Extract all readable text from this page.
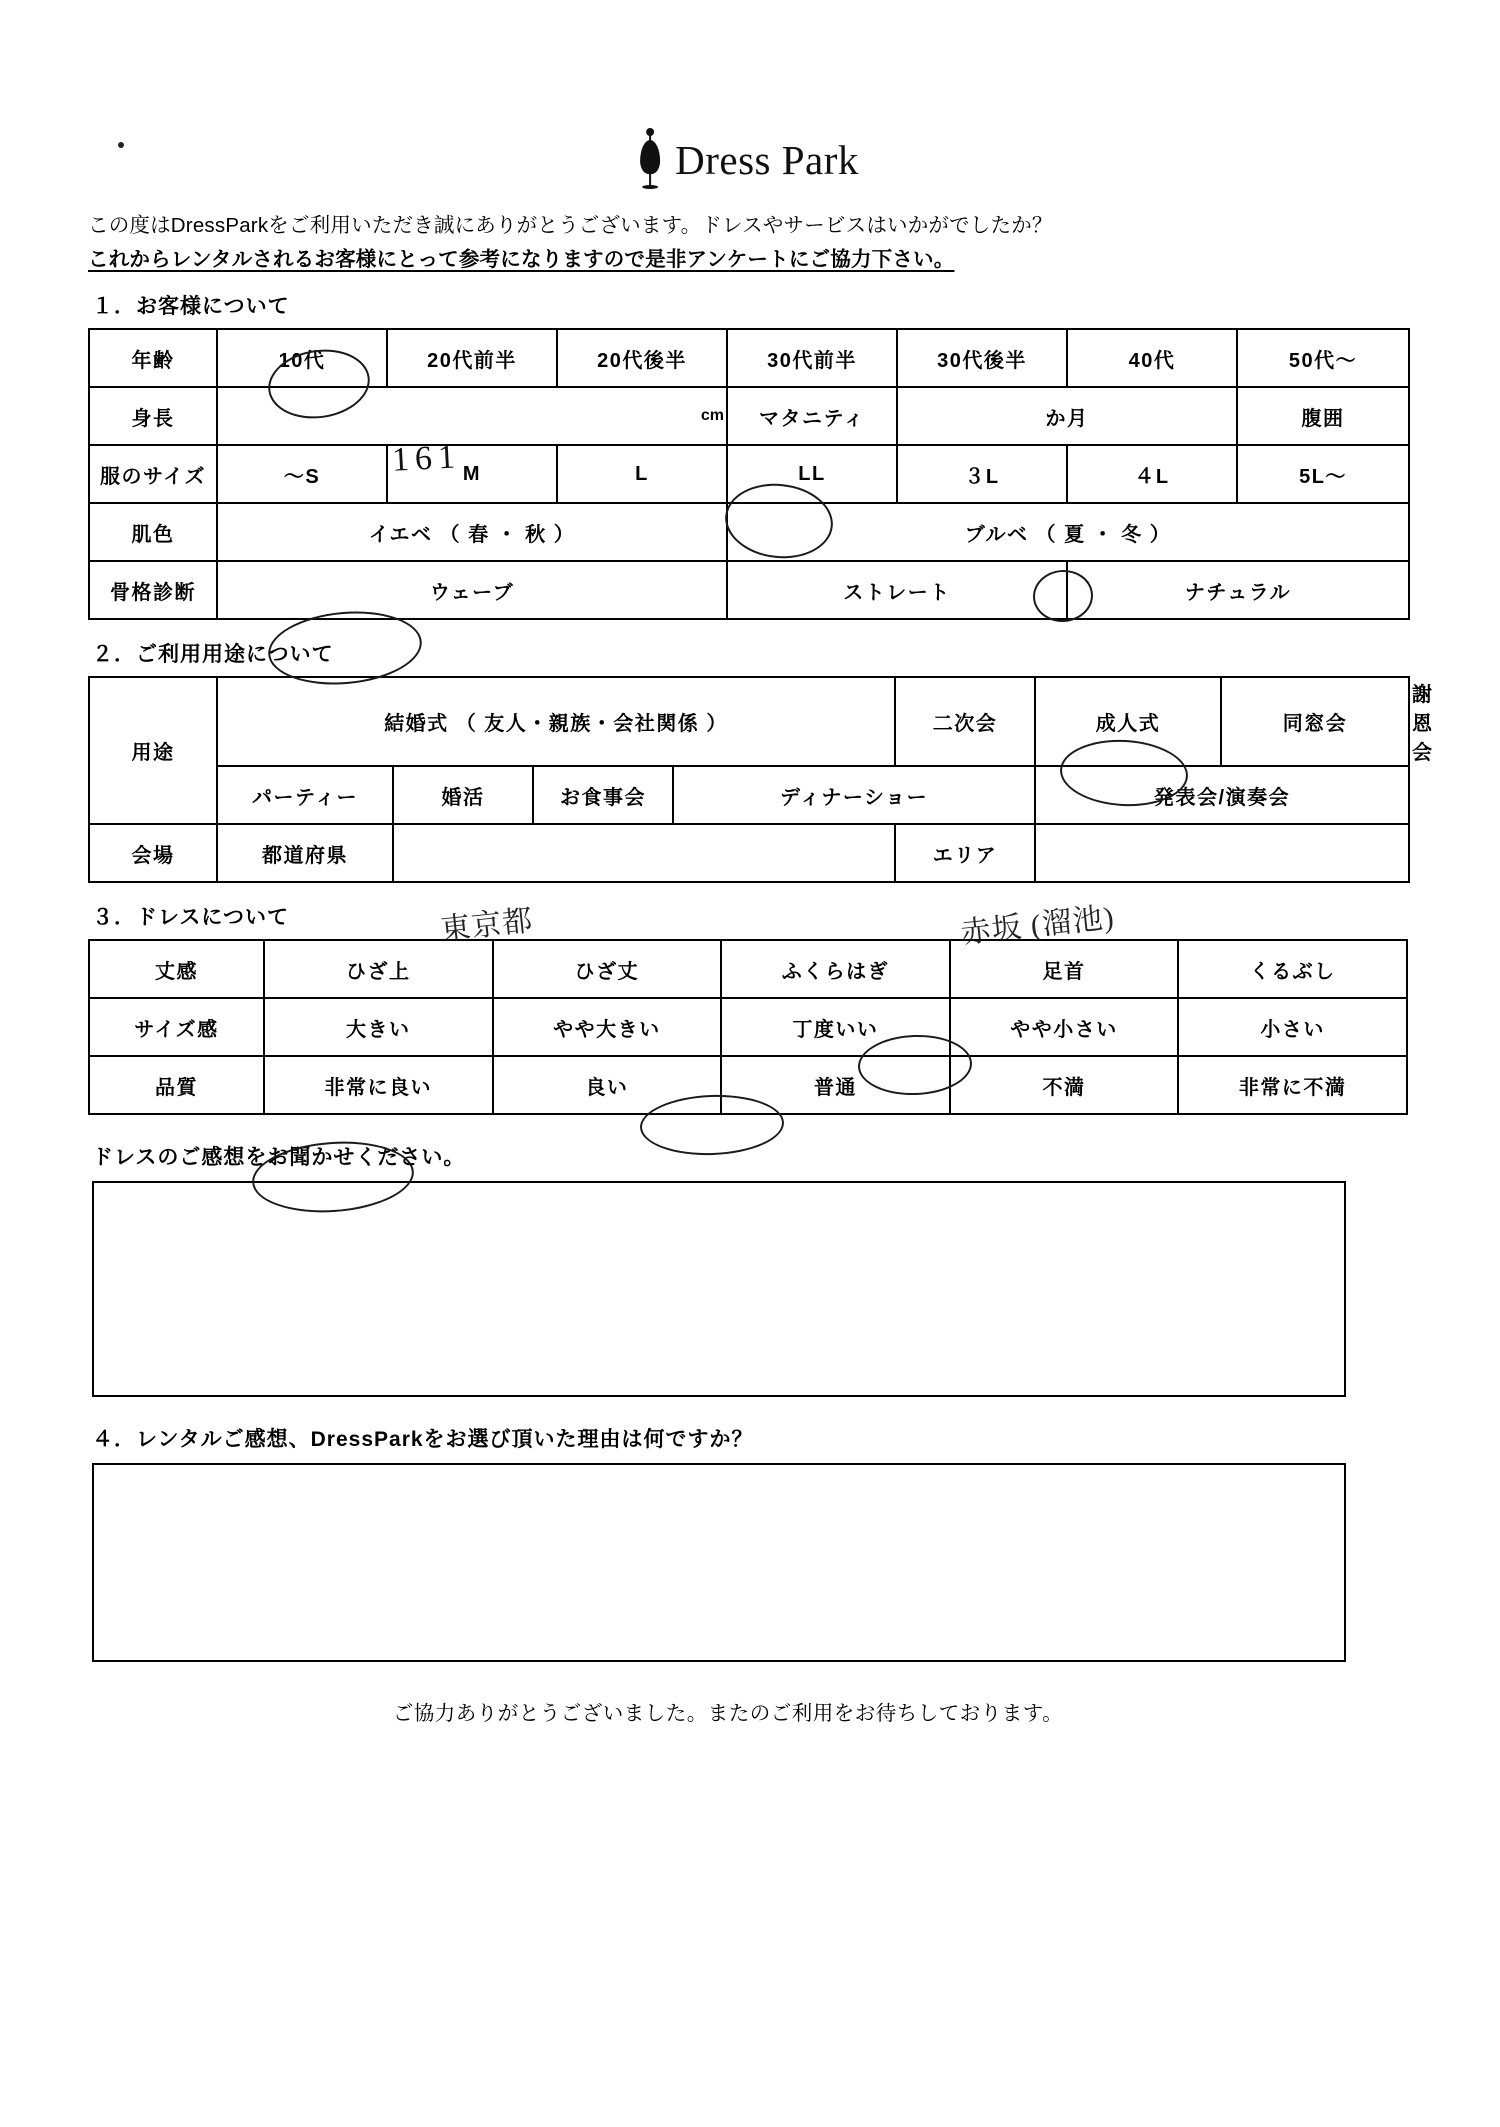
Dress Park
この度はDressParkをご利用いただき誠にありがとうございます。ドレスやサービスはいかがでしたか？
これからレンタルされるお客様にとって参考になりますので是非アンケートにご協力下さい。
１．お客様について
年齢	10代	20代前半	20代後半	30代前半	30代後半	40代	50代～
身長	cm			マタニティ	か月		腹囲

服のサイズ	～S	M	L	LL	３L	４L	5L～
肌色	イエベ （ 春 ・ 秋 ）			ブルベ （ 夏 ・ 冬 ）			
骨格診断	ウェーブ			ストレート		ナチュラル	
２．ご利用用途について
用途	結婚式 （ 友人・親族・会社関係 ）				二次会	成人式	同窓会	謝恩会
	パーティー	婚活	お食事会	ディナーショー		発表会/演奏会		
会場	都道府県				エリア			
３．ドレスについて
丈感	ひざ上	ひざ丈	ふくらはぎ	足首	くるぶし
サイズ感	大きい	やや大きい	丁度いい	やや小さい	小さい
品質	非常に良い	良い	普通	不満	非常に不満
ドレスのご感想をお聞かせください。
４．レンタルご感想、DressParkをお選び頂いた理由は何ですか？
ご協力ありがとうございました。またのご利用をお待ちしております。
161
東京都	赤坂 (溜池)
